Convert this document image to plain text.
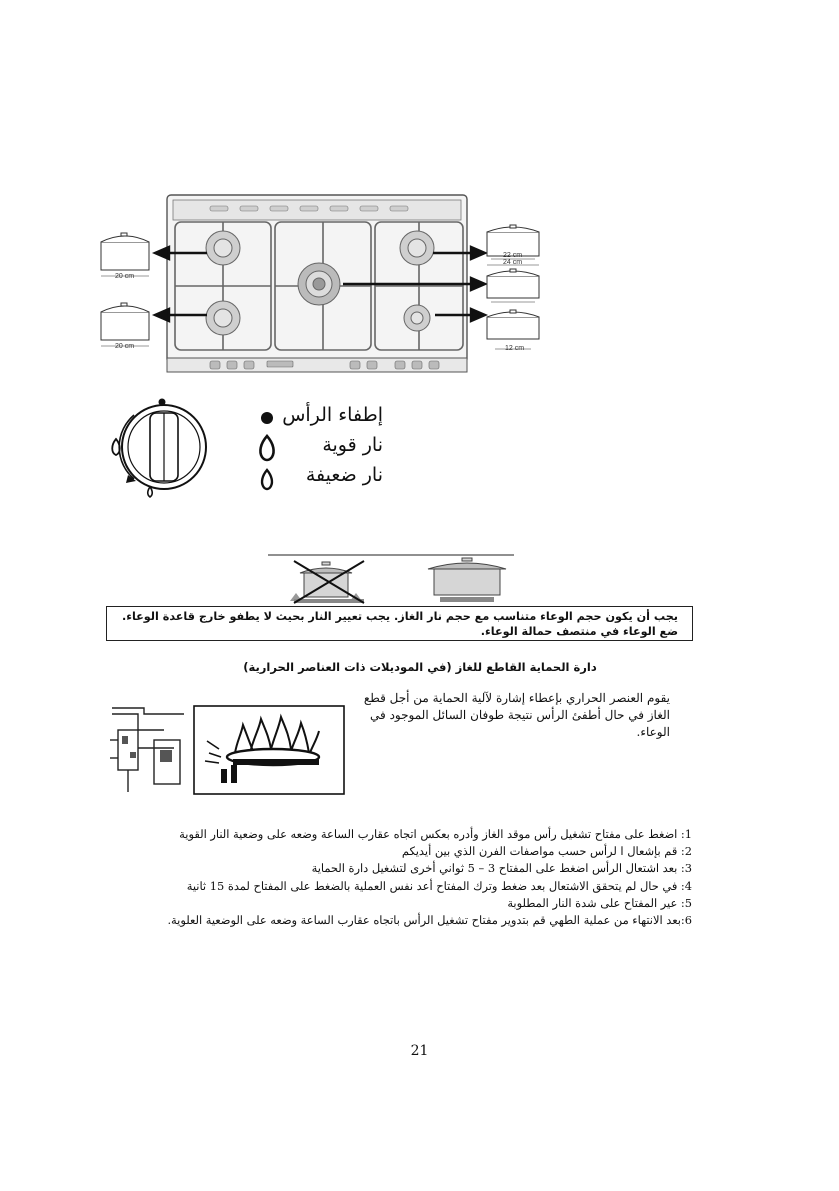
20 cm
20 cm
22 cm
24 cm
12 cm
إطفاء الرأس
نار قوية
نار ضعيفة
يجب أن يكون حجم الوعاء متناسب مع حجم نار الغاز. يجب تعيير النار بحيث لا يطفو خارج قاعدة الوعاء. ضع الوعاء في منتصف حمالة الوعاء.
دارة الحماية القاطع للغاز (في الموديلات ذات العناصر الحرارية)
يقوم العنصر الحراري بإعطاء إشارة لآلية الحماية من أجل قطع الغاز في حال أطفئ الرأس نتيجة طوفان السائل الموجود في الوعاء.
1: اضغط على مفتاح تشغيل رأس موقد الغاز وأدره بعكس اتجاه عقارب الساعة وضعه على وضعية النار القوية
2: قم بإشعال ا لرأس حسب مواصفات الفرن الذي بين أيديكم
3: بعد اشتعال الرأس اضغط على المفتاح 3 – 5 ثواني أخرى لتشغيل دارة الحماية
4: في حال لم يتحقق الاشتعال بعد ضغط وترك المفتاح أعد نفس العملية بالضغط على المفتاح لمدة 15 ثانية
5: عير المفتاح على شدة النار المطلوبة
6:بعد الانتهاء من عملية الطهي قم بتدوير مفتاح تشغيل الرأس باتجاه عقارب الساعة وضعه على الوضعية العلوية.
21
